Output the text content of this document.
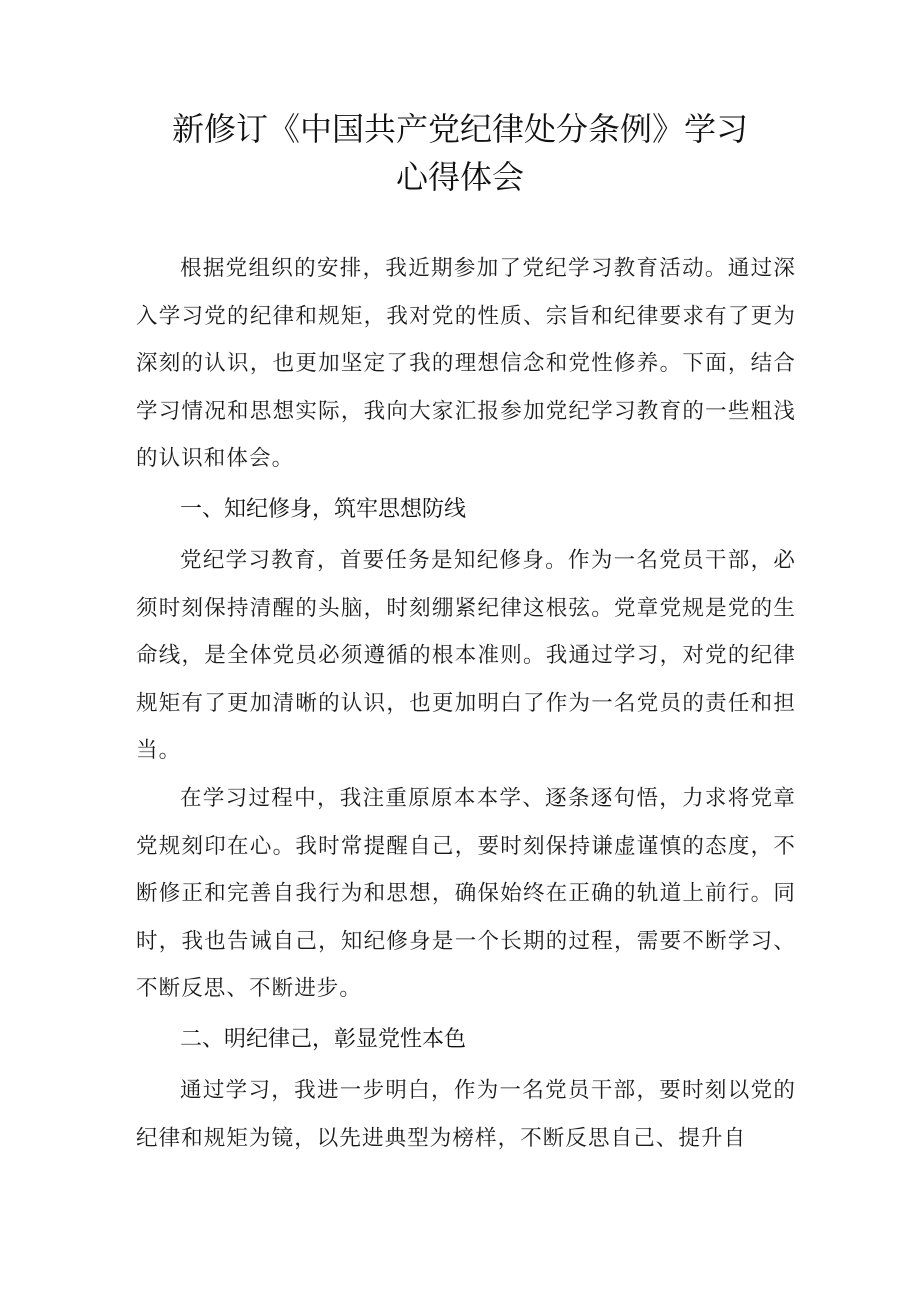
新修订《中国共产党纪律处分条例》学习
心得体会

根据党组织的安排，我近期参加了党纪学习教育活动。通过深入学习党的纪律和规矩，我对党的性质、宗旨和纪律要求有了更为深刻的认识，也更加坚定了我的理想信念和党性修养。下面，结合学习情况和思想实际，我向大家汇报参加党纪学习教育的一些粗浅的认识和体会。

一、知纪修身，筑牢思想防线

党纪学习教育，首要任务是知纪修身。作为一名党员干部，必须时刻保持清醒的头脑，时刻绷紧纪律这根弦。党章党规是党的生命线，是全体党员必须遵循的根本准则。我通过学习，对党的纪律规矩有了更加清晰的认识，也更加明白了作为一名党员的责任和担当。

在学习过程中，我注重原原本本学、逐条逐句悟，力求将党章党规刻印在心。我时常提醒自己，要时刻保持谦虚谨慎的态度，不断修正和完善自我行为和思想，确保始终在正确的轨道上前行。同时，我也告诫自己，知纪修身是一个长期的过程，需要不断学习、不断反思、不断进步。

二、明纪律己，彰显党性本色

通过学习，我进一步明白，作为一名党员干部，要时刻以党的纪律和规矩为镜，以先进典型为榜样，不断反思自己、提升自
